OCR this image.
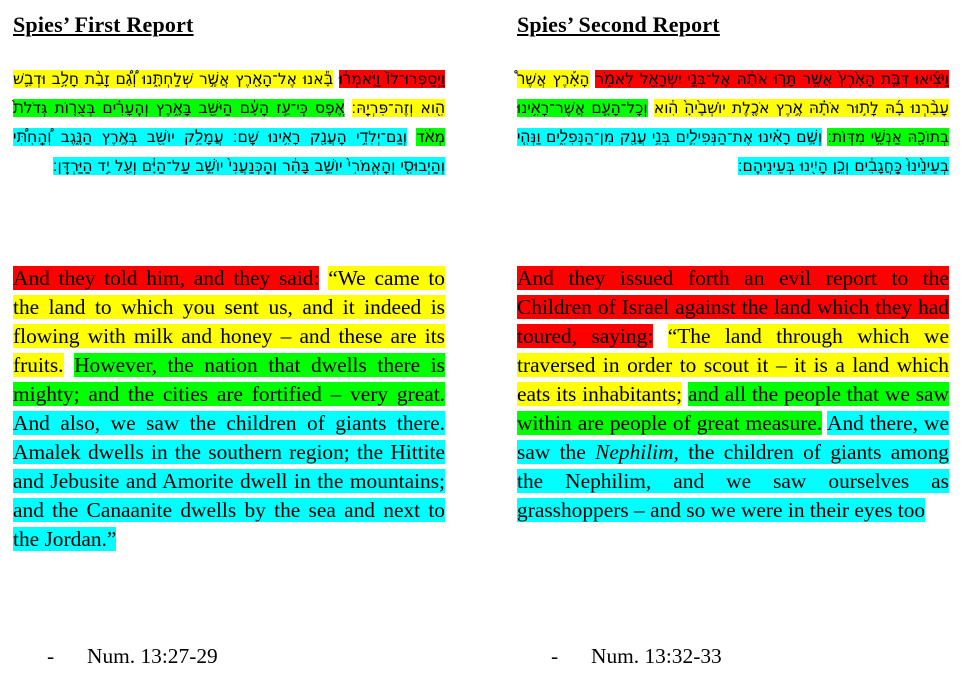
Spies’ First Report
וַיְסַפְּרוּ־לוֹ֙ וַיֹּ֣אמְר֔וּ בָּ֕אנוּ אֶל־הָאָ֖רֶץ אֲשֶׁ֣ר שְׁלַחְתָּ֑נוּ וְ֠גַ֠ם זָבַ֨ת חָלָ֥ב וּדְבַ֛שׁ הִ֖וא וְזֶה־פִּרְיָֽהּ׃ אֶ֚פֶס כִּֽי־עַ֣ז הָעָ֔ם הַיֹּשֵׁ֖ב בָּאָ֑רֶץ וְהֶֽעָרִ֗ים בְּצֻר֤וֹת גְּדֹלֹת֙ מְאֹ֔ד וְגַם־יְלִדֵ֥י הָֽעֲנָ֖ק רָאִ֥ינוּ שָֽׁם׃ עֲמָלֵ֥ק יוֹשֵׁ֖ב בְּאֶ֣רֶץ הַנֶּ֑גֶב וְ֠הַֽחִתִּ֠י וְהַיְבוּסִ֤י וְהָֽאֱמֹרִי֙ יוֹשֵׁ֣ב בָּהָ֔ר וְהַֽכְּנַעֲנִי֙ יוֹשֵׁ֣ב עַל־הַיָּ֔ם וְעַ֖ל יַ֥ד הַיַּרְדֵּֽן׃
And they told him, and they said: “We came to the land to which you sent us, and it indeed is flowing with milk and honey – and these are its fruits. However, the nation that dwells there is mighty; and the cities are fortified – very great. And also, we saw the children of giants there. Amalek dwells in the southern region; the Hittite and Jebusite and Amorite dwell in the mountains; and the Canaanite dwells by the sea and next to the Jordan.”
- Num. 13:27-29
Spies’ Second Report
וַיֹּצִ֜יאוּ דִּבַּ֤ת הָאָ֙רֶץ֙ אֲשֶׁ֣ר תָּר֣וּ אֹתָ֔הּ אֶל־בְּנֵ֥י יִשְׂרָאֵ֖ל לֵאמֹ֑ר הָאָ֡רֶץ אֲשֶׁר֩ עָבַ֨רְנוּ בָ֜הּ לָת֣וּר אֹתָ֗הּ אֶ֣רֶץ אֹכֶ֤לֶת יוֹשְׁבֶ֙יהָ֙ הִ֔וא וְכָל־הָעָ֛ם אֲשֶׁר־רָאִ֥ינוּ בְתוֹכָ֖הּ אַנְשֵׁ֥י מִדּֽוֹת׃ וְשָׁ֣ם רָאִ֗ינוּ אֶת־הַנְּפִילִ֛ים בְּנֵ֥י עֲנָ֖ק מִן־הַנְּפִלִ֑ים וַנְּהִ֤י בְעֵינֵ֙ינוּ֙ כַּֽחֲגָבִ֔ים וְכֵ֥ן הָיִ֖ינוּ בְּעֵינֵיהֶֽם׃
And they issued forth an evil report to the Children of Israel against the land which they had toured, saying: “The land through which we traversed in order to scout it – it is a land which eats its inhabitants; and all the people that we saw within are people of great measure. And there, we saw the Nephilim, the children of giants among the Nephilim, and we saw ourselves as grasshoppers – and so we were in their eyes too
- Num. 13:32-33
